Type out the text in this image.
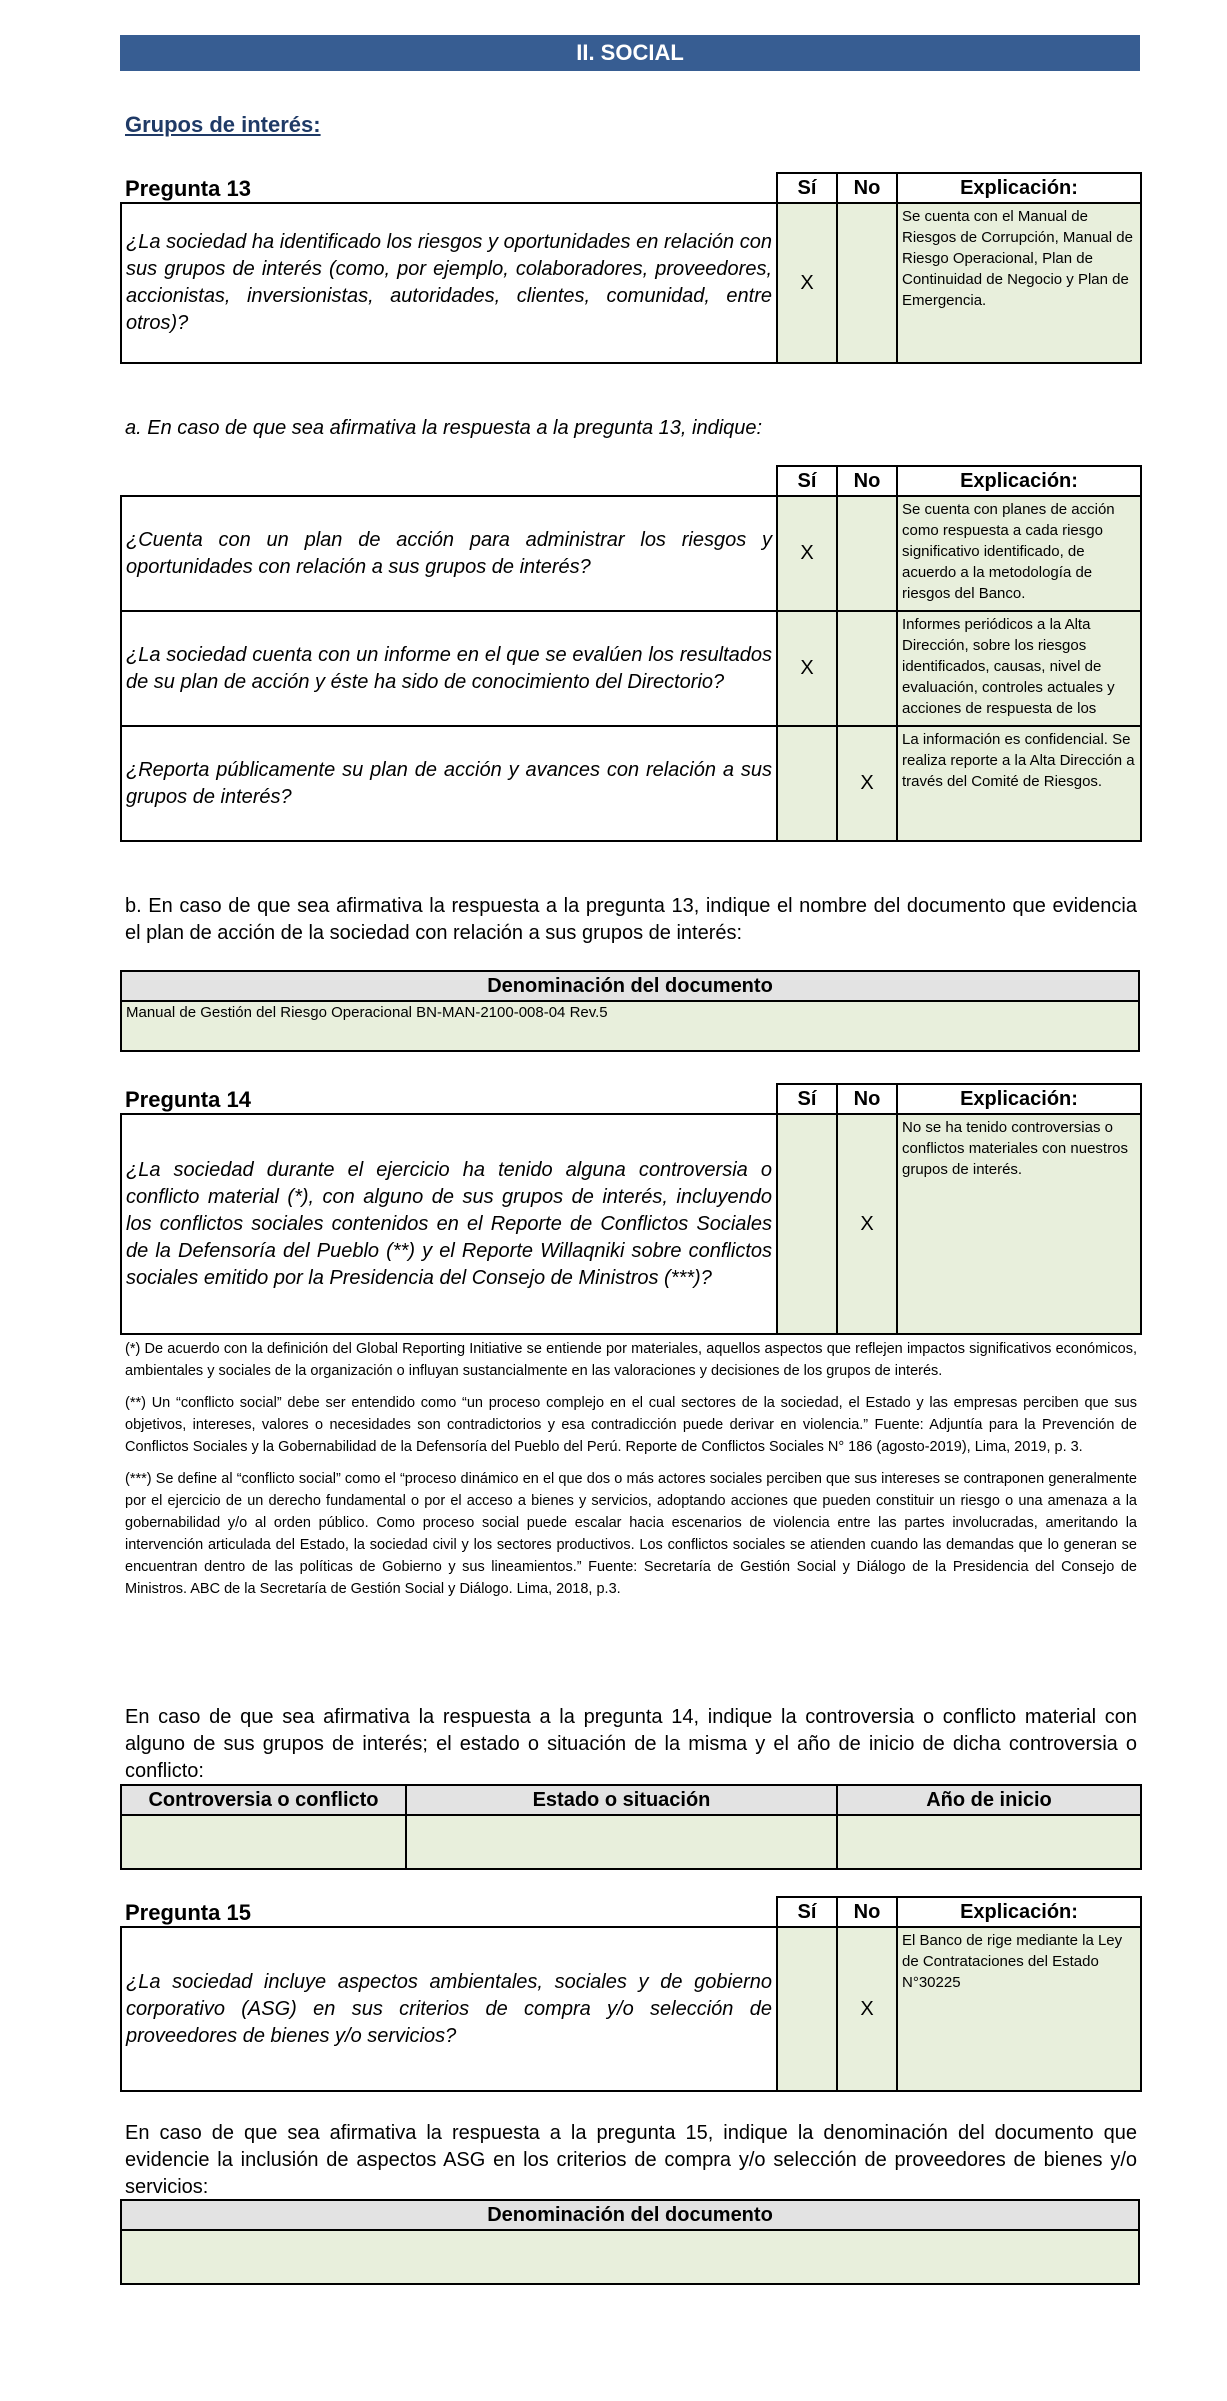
II. SOCIAL
Grupos de interés:
Pregunta 13	Sí	No	Explicación:
¿La sociedad ha identificado los riesgos y oportunidades en relación con sus grupos de interés (como, por ejemplo, colaboradores, proveedores, accionistas, inversionistas, autoridades, clientes, comunidad, entre otros)?	X		Se cuenta con el Manual de Riesgos de Corrupción, Manual de Riesgo Operacional, Plan de Continuidad de Negocio y Plan de Emergencia.
a. En caso de que sea afirmativa la respuesta a la pregunta 13, indique:
	Sí	No	Explicación:
¿Cuenta con un plan de acción para administrar los riesgos y oportunidades con relación a sus grupos de interés?	X		Se cuenta con planes de acción como respuesta a cada riesgo significativo identificado, de acuerdo a la metodología de riesgos del Banco.
¿La sociedad cuenta con un informe en el que se evalúen los resultados de su plan de acción y éste ha sido de conocimiento del Directorio?	X		Informes periódicos a la Alta Dirección, sobre los riesgos identificados, causas, nivel de evaluación, controles actuales y acciones de respuesta de los
¿Reporta públicamente su plan de acción y avances con relación a sus grupos de interés?		X	La información es confidencial. Se realiza reporte a la Alta Dirección a través del Comité de Riesgos.
b. En caso de que sea afirmativa la respuesta a la pregunta 13, indique el nombre del documento que evidencia el plan de acción de la sociedad con relación a sus grupos de interés:
Denominación del documento
Manual de Gestión del Riesgo Operacional BN-MAN-2100-008-04 Rev.5
Pregunta 14	Sí	No	Explicación:
¿La sociedad durante el ejercicio ha tenido alguna controversia o conflicto material (*), con alguno de sus grupos de interés, incluyendo los conflictos sociales contenidos en el Reporte de Conflictos Sociales de la Defensoría del Pueblo (**) y el Reporte Willaqniki sobre conflictos sociales emitido por la Presidencia del Consejo de Ministros (***)?		X	No se ha tenido controversias o conflictos materiales con nuestros grupos de interés.

(*) De acuerdo con la definición del Global Reporting Initiative se entiende por materiales, aquellos aspectos que reflejen impactos significativos económicos, ambientales y sociales de la organización o influyan sustancialmente en las valoraciones y decisiones de los grupos de interés.

(**) Un “conflicto social” debe ser entendido como “un proceso complejo en el cual sectores de la sociedad, el Estado y las empresas perciben que sus objetivos, intereses, valores o necesidades son contradictorios y esa contradicción puede derivar en violencia.” Fuente: Adjuntía para la Prevención de Conflictos Sociales y la Gobernabilidad de la Defensoría del Pueblo del Perú. Reporte de Conflictos Sociales N° 186 (agosto-2019), Lima, 2019, p. 3.

(***) Se define al “conflicto social” como el “proceso dinámico en el que dos o más actores sociales perciben que sus intereses se contraponen generalmente por el ejercicio de un derecho fundamental o por el acceso a bienes y servicios, adoptando acciones que pueden constituir un riesgo o una amenaza a la gobernabilidad y/o al orden público. Como proceso social puede escalar hacia escenarios de violencia entre las partes involucradas, ameritando la intervención articulada del Estado, la sociedad civil y los sectores productivos. Los conflictos sociales se atienden cuando las demandas que lo generan se encuentran dentro de las políticas de Gobierno y sus lineamientos.” Fuente: Secretaría de Gestión Social y Diálogo de la Presidencia del Consejo de Ministros. ABC de la Secretaría de Gestión Social y Diálogo. Lima, 2018, p.3.

En caso de que sea afirmativa la respuesta a la pregunta 14, indique la controversia o conflicto material con alguno de sus grupos de interés; el estado o situación de la misma y el año de inicio de dicha controversia o conflicto:
Controversia o conflicto	Estado o situación	Año de inicio

Pregunta 15	Sí	No	Explicación:
¿La sociedad incluye aspectos ambientales, sociales y de gobierno corporativo (ASG) en sus criterios de compra y/o selección de proveedores de bienes y/o servicios?		X	El Banco de rige mediante la Ley de Contrataciones del Estado N°30225
En caso de que sea afirmativa la respuesta a la pregunta 15, indique la denominación del documento que evidencie la inclusión de aspectos ASG en los criterios de compra y/o selección de proveedores de bienes y/o servicios:
Denominación del documento
